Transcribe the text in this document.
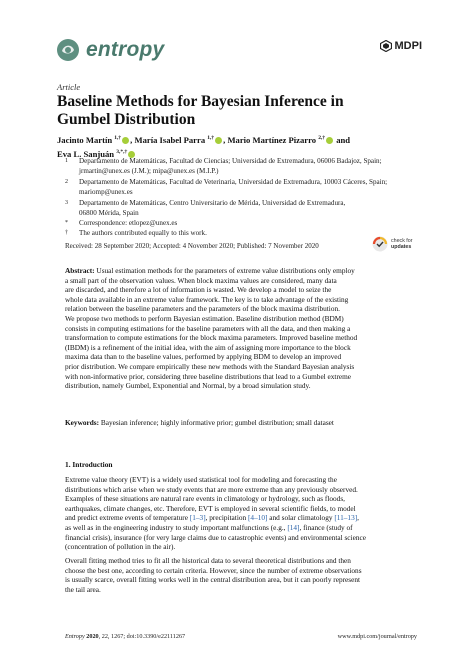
entropy	MDPI
Article
Baseline Methods for Bayesian Inference in Gumbel Distribution
Jacinto Martín $^{1,\dagger}$ , María Isabel Parra $^{1,\dagger}$ , Mario Martínez Pizarro $^{2,\dagger}$ and
Eva L. Sanjuán $^{3,*,\dagger}$
1 Departamento de Matemáticas, Facultad de Ciencias; Universidad de Extremadura, 06006 Badajoz, Spain;
jrmartin@unex.es (J.M.); mipa@unex.es (M.I.P.)
2 Departamento de Matemáticas, Facultad de Veterinaria, Universidad de Extremadura, 10003 Cáceres, Spain;
mariomp@unex.es
3 Departamento de Matemáticas, Centro Universitario de Mérida, Universidad de Extremadura,
06800 Mérida, Spain
* Correspondence: etlopez@unex.es
† The authors contributed equally to this work.
Received: 28 September 2020; Accepted: 4 November 2020; Published: 7 November 2020
check for
updates
Abstract: Usual estimation methods for the parameters of extreme value distributions only employ
a small part of the observation values. When block maxima values are considered, many data
are discarded, and therefore a lot of information is wasted. We develop a model to seize the
whole data available in an extreme value framework. The key is to take advantage of the existing
relation between the baseline parameters and the parameters of the block maxima distribution.
We propose two methods to perform Bayesian estimation. Baseline distribution method (BDM)
consists in computing estimations for the baseline parameters with all the data, and then making a
transformation to compute estimations for the block maxima parameters. Improved baseline method
(IBDM) is a refinement of the initial idea, with the aim of assigning more importance to the block
maxima data than to the baseline values, performed by applying BDM to develop an improved
prior distribution. We compare empirically these new methods with the Standard Bayesian analysis
with non-informative prior, considering three baseline distributions that lead to a Gumbel extreme
distribution, namely Gumbel, Exponential and Normal, by a broad simulation study.
Keywords: Bayesian inference; highly informative prior; gumbel distribution; small dataset
1. Introduction
Extreme value theory (EVT) is a widely used statistical tool for modeling and forecasting the
distributions which arise when we study events that are more extreme than any previously observed.
Examples of these situations are natural rare events in climatology or hydrology, such as floods,
earthquakes, climate changes, etc. Therefore, EVT is employed in several scientific fields, to model
and predict extreme events of temperature [1–3], precipitation [4–10] and solar climatology [11–13],
as well as in the engineering industry to study important malfunctions (e.g., [14], finance (study of
financial crisis), insurance (for very large claims due to catastrophic events) and environmental science
(concentration of pollution in the air).
Overall fitting method tries to fit all the historical data to several theoretical distributions and then
choose the best one, according to certain criteria. However, since the number of extreme observations
is usually scarce, overall fitting works well in the central distribution area, but it can poorly represent
the tail area.
Entropy 2020, 22, 1267; doi:10.3390/e22111267	www.mdpi.com/journal/entropy
